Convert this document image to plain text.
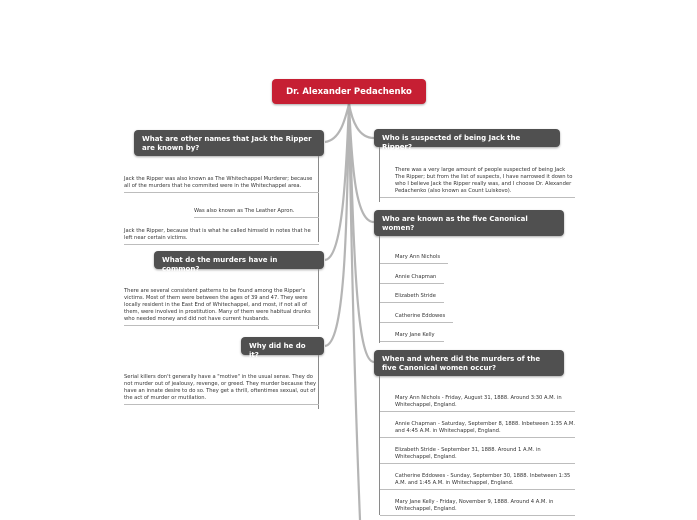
Dr. Alexander Pedachenko
What are other names that Jack the Ripper are known by?
Jack the Ripper was also known as The Whitechappel Murderer; because all of the murders that he commited were in the Whitechappel area.
Was also known as The Leather Apron.
Jack the Ripper, because that is what he called himseld in notes that he left near certain victims.
What do the murders have in common?
There are several consistent patterns to be found among the Ripper's victims. Most of them were between the ages of 39 and 47. They were locally resident in the East End of Whitechappel, and most, if not all of them, were involved in prostitution. Many of them were habitual drunks who needed money and did not have current husbands.
Why did he do it?
Serial killers don't generally have a "motive" in the usual sense. They do not murder out of jealousy, revenge, or greed. They murder because they have an innate desire to do so. They get a thrill, oftentimes sexual, out of the act of murder or mutilation.
Who is suspected of being Jack the Ripper?
There was a very large amount of people suspected of being Jack The Ripper; but from the list of suspects, I have narrowed it down to who I believe Jack the Ripper really was, and I choose Dr. Alexander Pedachenko (also known as Count Luiskovo).
Who are known as the five Canonical women?
Mary Ann Nichols
Annie Chapman
Elizabeth Stride
Catherine Eddowes
Mary Jane Kelly
When and where did the murders of the five Canonical women occur?
Mary Ann Nichols - Friday, August 31, 1888. Around 3:30 A.M. in Whitechappel, England.
Annie Chapman - Saturday, September 8, 1888. Inbetween 1:35 A.M. and 4:45 A.M. in Whitechappel, England.
Elizabeth Stride - September 31, 1888. Around 1 A.M. in Whitechappel, England.
Catherine Eddowes - Sunday, September 30, 1888. Inbetween 1:35 A.M. and 1:45 A.M. in Whitechappel, England.
Mary Jane Kelly - Friday, November 9, 1888. Around 4 A.M. in Whitechappel, England.
